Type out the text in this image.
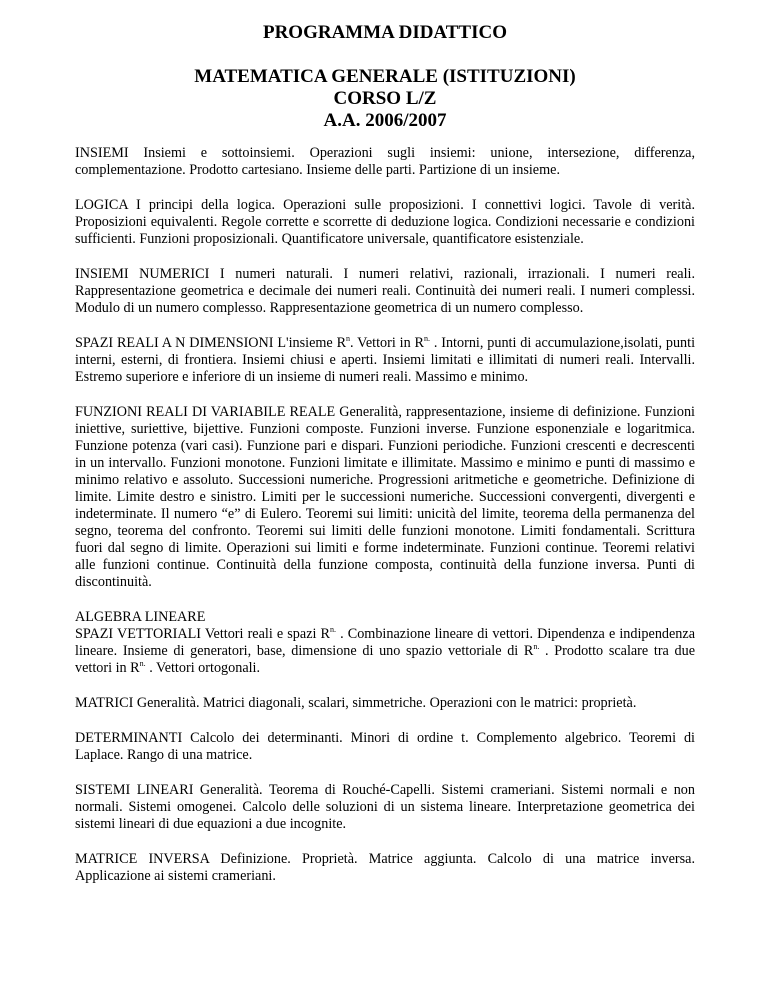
PROGRAMMA DIDATTICO
MATEMATICA GENERALE (ISTITUZIONI)
CORSO L/Z
A.A. 2006/2007

INSIEMI Insiemi e sottoinsiemi. Operazioni sugli insiemi: unione, intersezione, differenza, complementazione. Prodotto cartesiano. Insieme delle parti. Partizione di un insieme.

LOGICA I principi della logica. Operazioni sulle proposizioni. I connettivi logici. Tavole di verità. Proposizioni equivalenti. Regole corrette e scorrette di deduzione logica. Condizioni necessarie e condizioni sufficienti. Funzioni proposizionali. Quantificatore universale, quantificatore esistenziale.

INSIEMI NUMERICI I numeri naturali. I numeri relativi, razionali, irrazionali. I numeri reali. Rappresentazione geometrica e decimale dei numeri reali. Continuità dei numeri reali. I numeri complessi. Modulo di un numero complesso. Rappresentazione geometrica di un numero complesso.

SPAZI REALI A N DIMENSIONI L'insieme $R^n$. Vettori in $R^{n.}$ . Intorni, punti di accumulazione,isolati, punti interni, esterni, di frontiera. Insiemi chiusi e aperti. Insiemi limitati e illimitati di numeri reali. Intervalli. Estremo superiore e inferiore di un insieme di numeri reali. Massimo e minimo.

FUNZIONI REALI DI VARIABILE REALE Generalità, rappresentazione, insieme di definizione. Funzioni iniettive, suriettive, bijettive. Funzioni composte. Funzioni inverse. Funzione esponenziale e logaritmica. Funzione potenza (vari casi). Funzione pari e dispari. Funzioni periodiche. Funzioni crescenti e decrescenti in un intervallo. Funzioni monotone. Funzioni limitate e illimitate. Massimo e minimo e punti di massimo e minimo relativo e assoluto. Successioni numeriche. Progressioni aritmetiche e geometriche. Definizione di limite. Limite destro e sinistro. Limiti per le successioni numeriche. Successioni convergenti, divergenti e indeterminate. Il numero “e” di Eulero. Teoremi sui limiti: unicità del limite, teorema della permanenza del segno, teorema del confronto. Teoremi sui limiti delle funzioni monotone. Limiti fondamentali. Scrittura fuori dal segno di limite. Operazioni sui limiti e forme indeterminate. Funzioni continue. Teoremi relativi alle funzioni continue. Continuità della funzione composta, continuità della funzione inversa. Punti di discontinuità.

ALGEBRA LINEARE
SPAZI VETTORIALI Vettori reali e spazi $R^{n.}$ . Combinazione lineare di vettori. Dipendenza e indipendenza lineare. Insieme di generatori, base, dimensione di uno spazio vettoriale di $R^{n.}$ . Prodotto scalare tra due vettori in $R^{n.}$ . Vettori ortogonali.

MATRICI Generalità. Matrici diagonali, scalari, simmetriche. Operazioni con le matrici: proprietà.

DETERMINANTI Calcolo dei determinanti. Minori di ordine t. Complemento algebrico. Teoremi di Laplace. Rango di una matrice.

SISTEMI LINEARI Generalità. Teorema di Rouché-Capelli. Sistemi crameriani. Sistemi normali e non normali. Sistemi omogenei. Calcolo delle soluzioni di un sistema lineare. Interpretazione geometrica dei sistemi lineari di due equazioni a due incognite.

MATRICE INVERSA Definizione. Proprietà. Matrice aggiunta. Calcolo di una matrice inversa. Applicazione ai sistemi crameriani.
